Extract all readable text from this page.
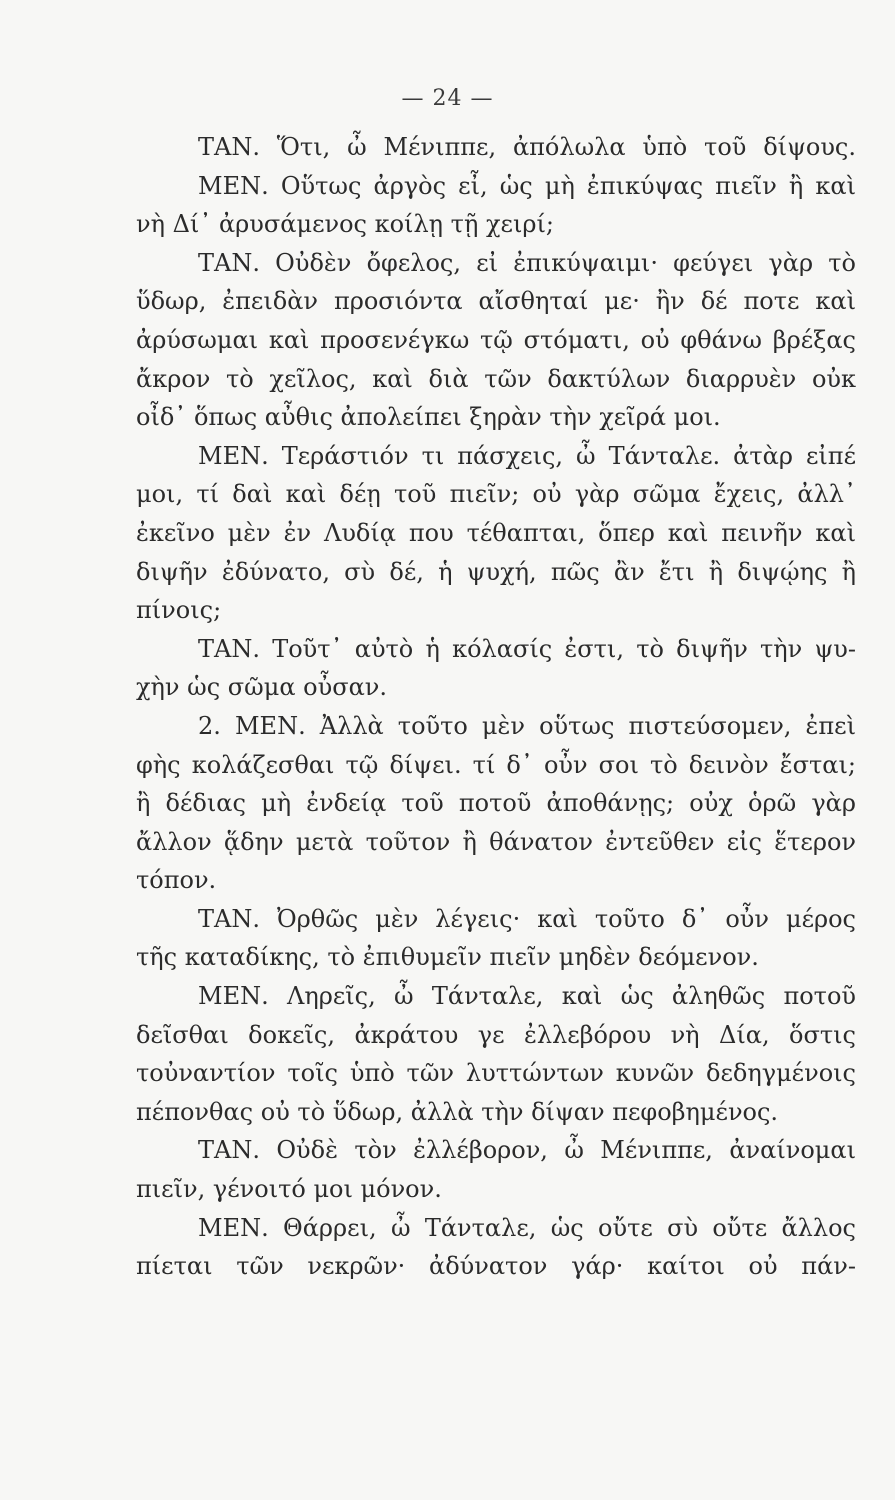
— 24 —
ΤΑΝ. Ὅτι, ὦ Μένιππε, ἀπόλωλα ὑπὸ τοῦ δίψους.
ΜΕΝ. Οὕτως ἀργὸς εἶ, ὡς μὴ ἐπικύψας πιεῖν ἢ καὶ
νὴ Δί᾽ ἀρυσάμενος κοίλῃ τῇ χειρί;
ΤΑΝ. Οὐδὲν ὄφελος, εἰ ἐπικύψαιμι· φεύγει γὰρ τὸ
ὕδωρ, ἐπειδὰν προσιόντα αἴσθηταί με· ἢν δέ ποτε καὶ
ἀρύσωμαι καὶ προσενέγκω τῷ στόματι, οὐ φθάνω βρέξας
ἄκρον τὸ χεῖλος, καὶ διὰ τῶν δακτύλων διαρρυὲν οὐκ
οἶδ᾽ ὅπως αὖθις ἀπολείπει ξηρὰν τὴν χεῖρά μοι.
ΜΕΝ. Τεράστιόν τι πάσχεις, ὦ Τάνταλε. ἀτὰρ εἰπέ
μοι, τί δαὶ καὶ δέῃ τοῦ πιεῖν; οὐ γὰρ σῶμα ἔχεις, ἀλλ᾽
ἐκεῖνο μὲν ἐν Λυδίᾳ που τέθαπται, ὅπερ καὶ πεινῆν καὶ
διψῆν ἐδύνατο, σὺ δέ, ἡ ψυχή, πῶς ἂν ἔτι ἢ διψῴης ἢ
πίνοις;
ΤΑΝ. Τοῦτ᾽ αὐτὸ ἡ κόλασίς ἐστι, τὸ διψῆν τὴν ψυ-
χὴν ὡς σῶμα οὖσαν.
2. ΜΕΝ. Ἀλλὰ τοῦτο μὲν οὕτως πιστεύσομεν, ἐπεὶ
φὴς κολάζεσθαι τῷ δίψει. τί δ᾽ οὖν σοι τὸ δεινὸν ἔσται;
ἢ δέδιας μὴ ἐνδείᾳ τοῦ ποτοῦ ἀποθάνῃς; οὐχ ὁρῶ γὰρ
ἄλλον ᾅδην μετὰ τοῦτον ἢ θάνατον ἐντεῦθεν εἰς ἕτερον
τόπον.
ΤΑΝ. Ὀρθῶς μὲν λέγεις· καὶ τοῦτο δ᾽ οὖν μέρος
τῆς καταδίκης, τὸ ἐπιθυμεῖν πιεῖν μηδὲν δεόμενον.
ΜΕΝ. Ληρεῖς, ὦ Τάνταλε, καὶ ὡς ἀληθῶς ποτοῦ
δεῖσθαι δοκεῖς, ἀκράτου γε ἐλλεβόρου νὴ Δία, ὅστις
τοὐναντίον τοῖς ὑπὸ τῶν λυττώντων κυνῶν δεδηγμένοις
πέπονθας οὐ τὸ ὕδωρ, ἀλλὰ τὴν δίψαν πεφοβημένος.
ΤΑΝ. Οὐδὲ τὸν ἐλλέβορον, ὦ Μένιππε, ἀναίνομαι
πιεῖν, γένοιτό μοι μόνον.
ΜΕΝ. Θάρρει, ὦ Τάνταλε, ὡς οὔτε σὺ οὔτε ἄλλος
πίεται τῶν νεκρῶν· ἀδύνατον γάρ· καίτοι οὐ πάν-
